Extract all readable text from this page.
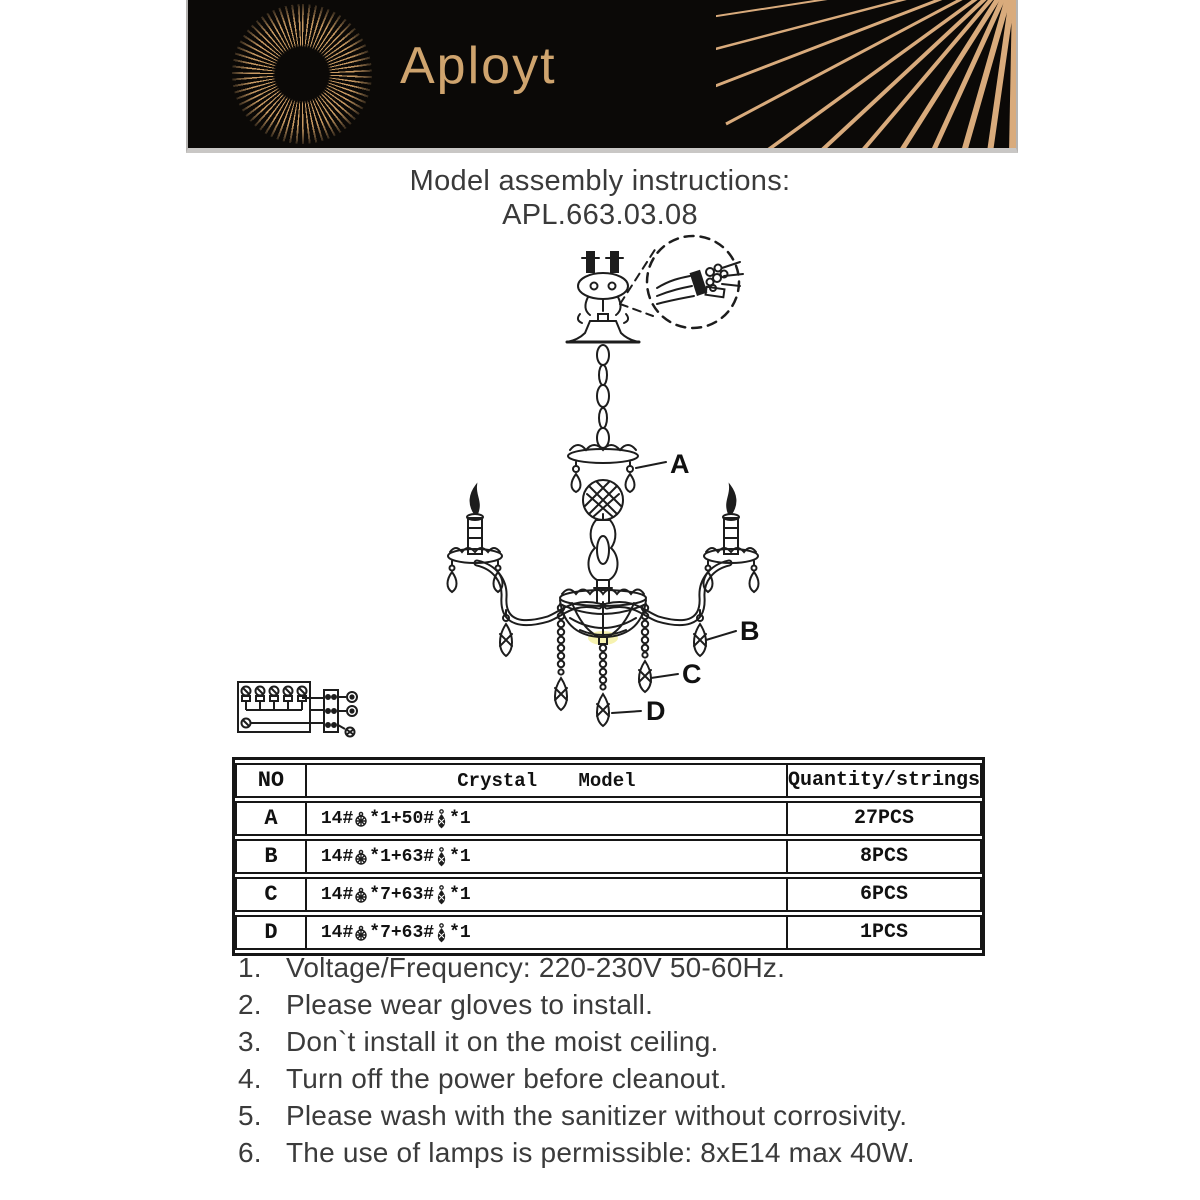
Aployt
Model assembly instructions:
APL.663.03.08
A
B
C
D
NO	Crystal Model	Quantity/strings
A	14# *1+50# *1	27PCS
B	14# *1+63# *1	8PCS
C	14# *7+63# *1	6PCS
D	14# *7+63# *1	1PCS
1. Voltage/Frequency: 220-230V 50-60Hz.
2. Please wear gloves to install.
3. Don`t install it on the moist ceiling.
4. Turn off the power before cleanout.
5. Please wash with the sanitizer without corrosivity.
6. The use of lamps is permissible: 8xE14 max 40W.
